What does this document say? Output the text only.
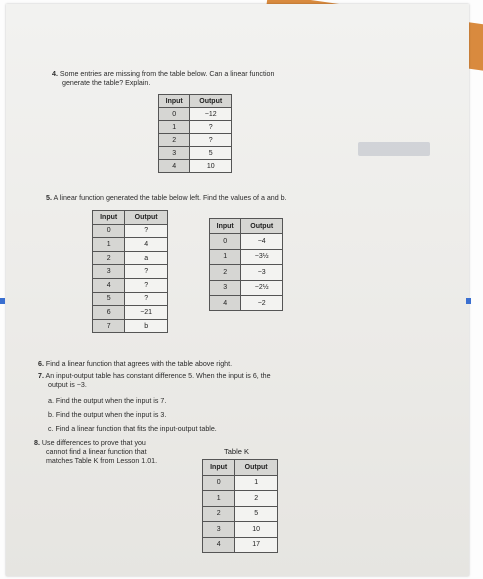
4. Some entries are missing from the table below. Can a linear function
generate the table? Explain.
Input	Output
0	−12
1	?
2	?
3	5
4	10
5. A linear function generated the table below left. Find the values of a and b.
Input	Output
0	?
1	4
2	a
3	?
4	?
5	?
6	−21
7	b
Input	Output
0	−4
1	−3½
2	−3
3	−2½
4	−2
6. Find a linear function that agrees with the table above right.
7. An input-output table has constant difference 5. When the input is 6, the
output is −3.
a. Find the output when the input is 7.
b. Find the output when the input is 3.
c. Find a linear function that fits the input-output table.
8. Use differences to prove that you
cannot find a linear function that
matches Table K from Lesson 1.01.
Table K
Input	Output
0	1
1	2
2	5
3	10
4	17
